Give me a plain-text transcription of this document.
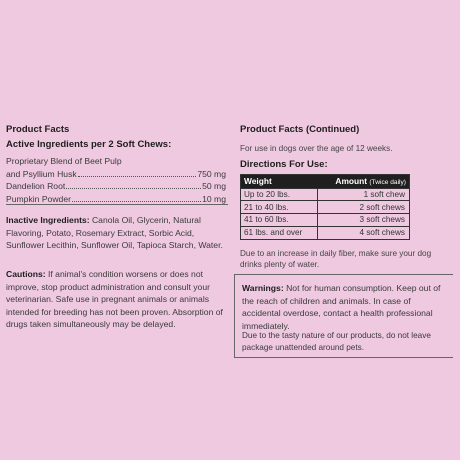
Product Facts
Active Ingredients per 2 Soft Chews:
Proprietary Blend of Beet Pulp
and Psyllium Husk	750 mg
Dandelion Root	50 mg
Pumpkin Powder	10 mg
Inactive Ingredients: Canola Oil, Glycerin, Natural Flavoring, Potato, Rosemary Extract, Sorbic Acid, Sunflower Lecithin, Sunflower Oil, Tapioca Starch, Water.
Cautions: If animal's condition worsens or does not improve, stop product administration and consult your veterinarian. Safe use in pregnant animals or animals intended for breeding has not been proven. Absorption of drugs taken simultaneously may be delayed.
Product Facts (Continued)
For use in dogs over the age of 12 weeks.
Directions For Use:
Weight	Amount (Twice daily)
Up to 20 lbs.	1 soft chew
21 to 40 lbs.	2 soft chews
41 to 60 lbs.	3 soft chews
61 lbs. and over	4 soft chews
Due to an increase in daily fiber, make sure your dog drinks plenty of water.
Warnings: Not for human consumption. Keep out of the reach of children and animals. In case of accidental overdose, contact a health professional immediately.
Due to the tasty nature of our products, do not leave package unattended around pets.
